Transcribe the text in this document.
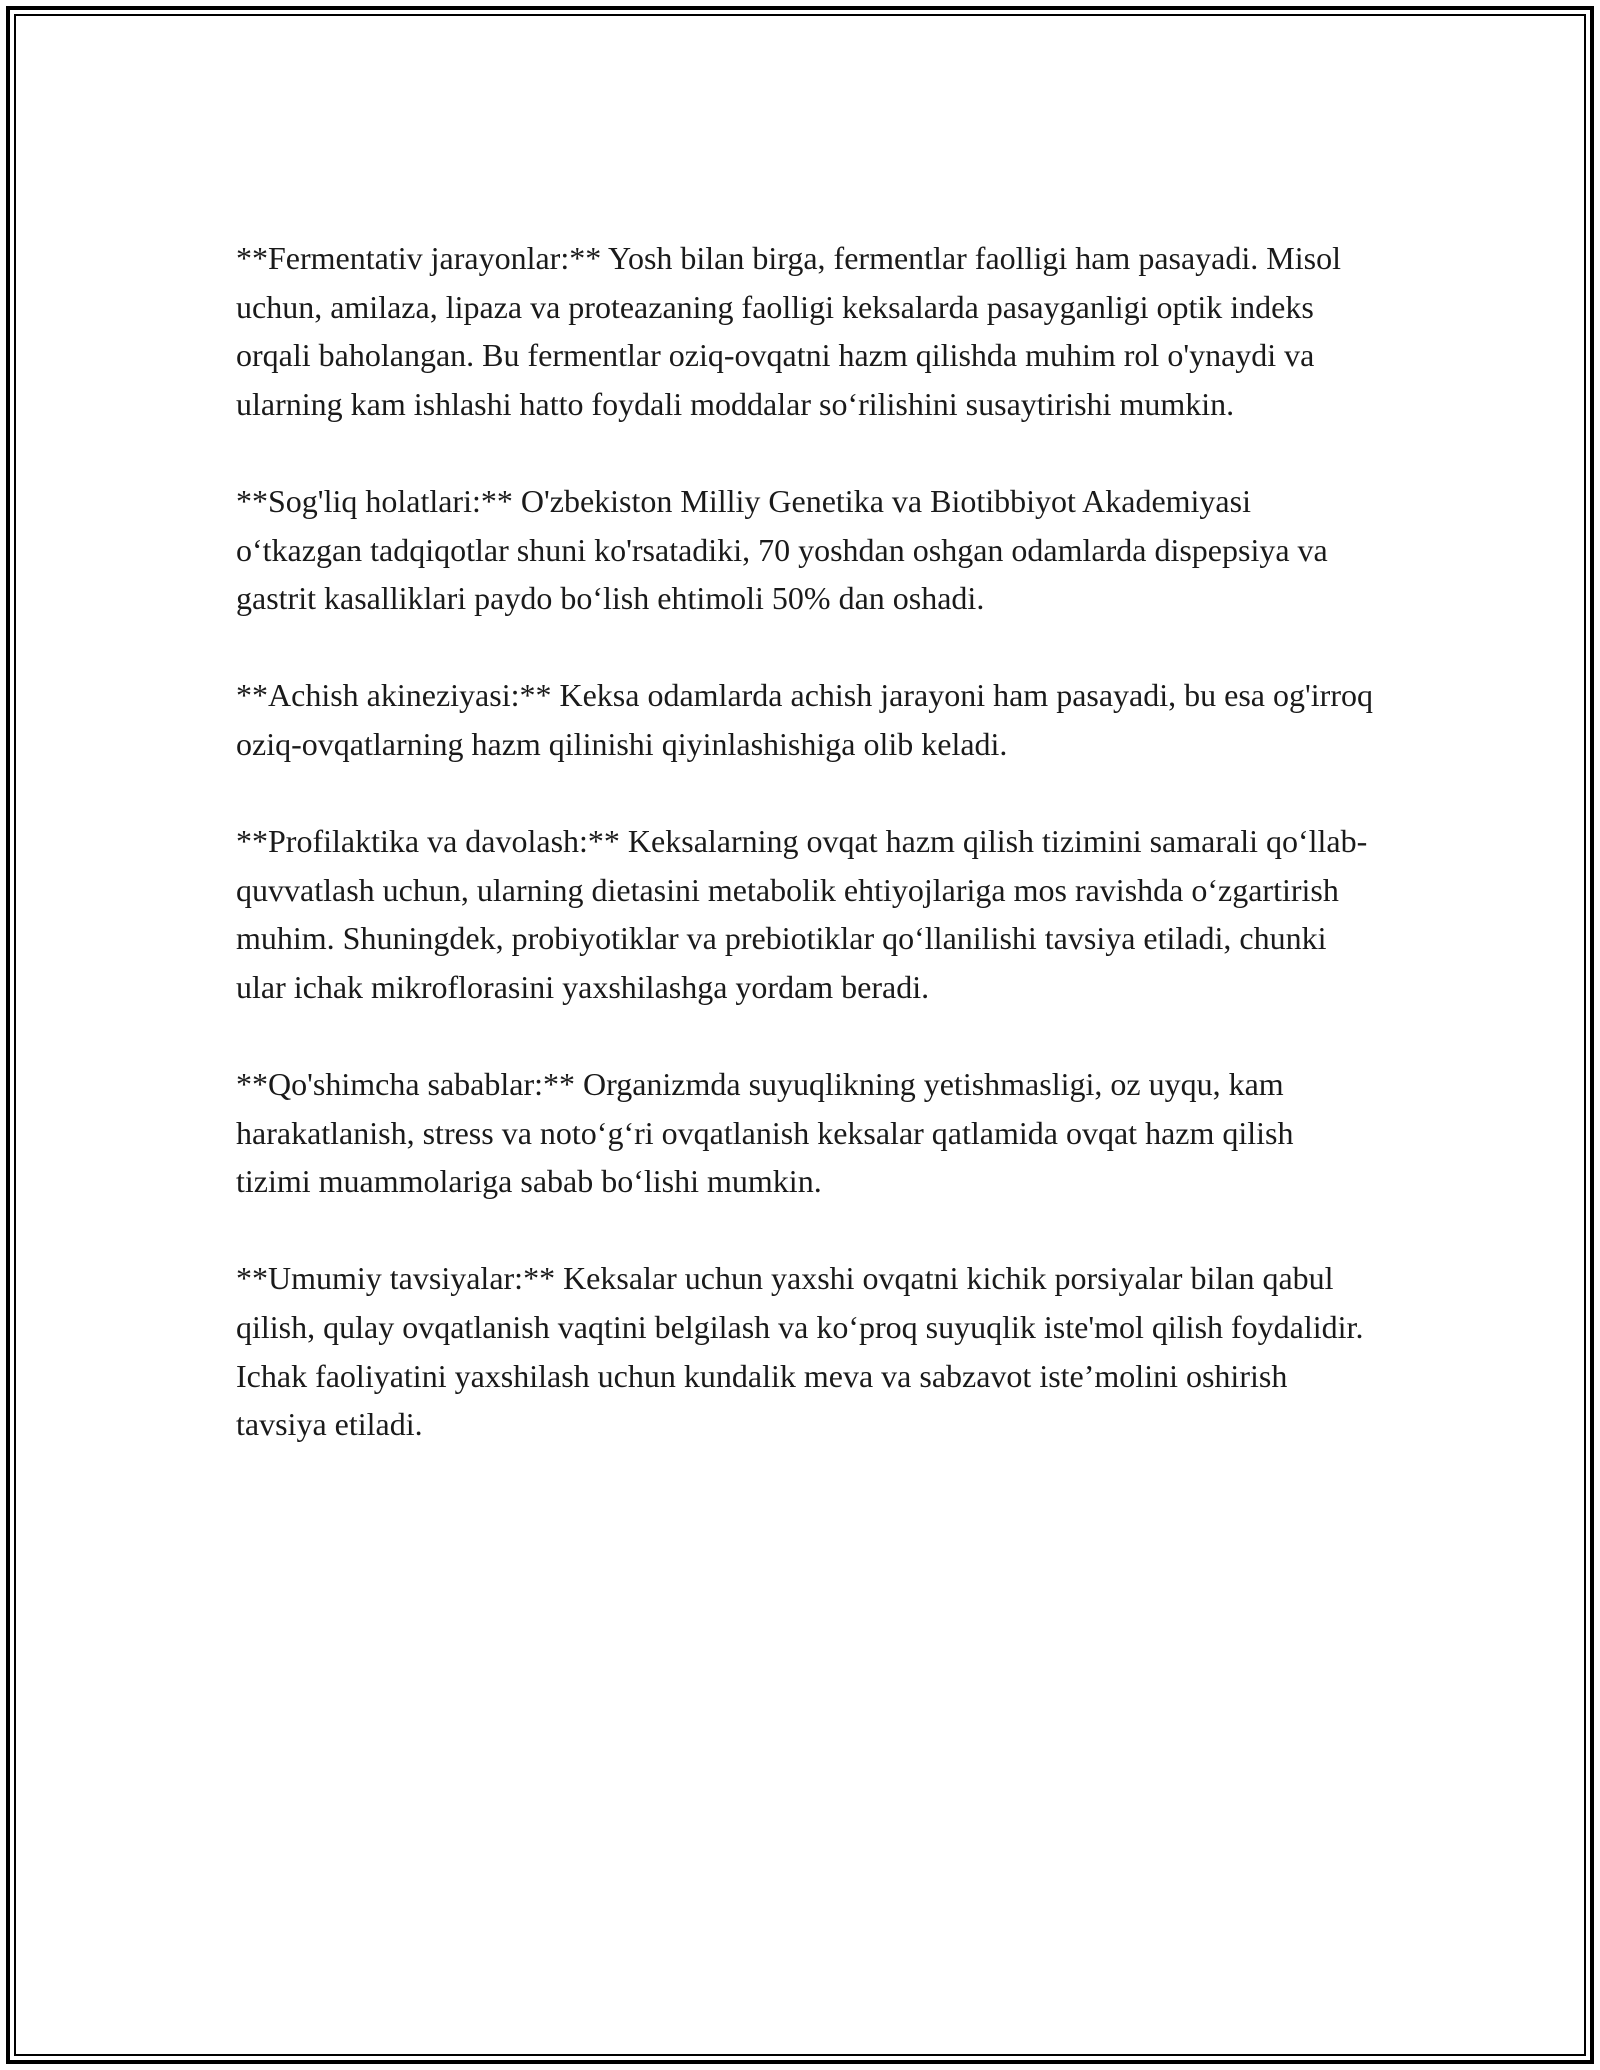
**Fermentativ jarayonlar:** Yosh bilan birga, fermentlar faolligi ham pasayadi. Misol uchun, amilaza, lipaza va proteazaning faolligi keksalarda pasayganligi optik indeks orqali baholangan. Bu fermentlar oziq-ovqatni hazm qilishda muhim rol o'ynaydi va ularning kam ishlashi hatto foydali moddalar so‘rilishini susaytirishi mumkin.

**Sog'liq holatlari:** O'zbekiston Milliy Genetika va Biotibbiyot Akademiyasi o‘tkazgan tadqiqotlar shuni ko'rsatadiki, 70 yoshdan oshgan odamlarda dispepsiya va gastrit kasalliklari paydo bo‘lish ehtimoli 50% dan oshadi.

**Achish akineziyasi:** Keksa odamlarda achish jarayoni ham pasayadi, bu esa og'irroq oziq-ovqatlarning hazm qilinishi qiyinlashishiga olib keladi.

**Profilaktika va davolash:** Keksalarning ovqat hazm qilish tizimini samarali qo‘llab-quvvatlash uchun, ularning dietasini metabolik ehtiyojlariga mos ravishda o‘zgartirish muhim. Shuningdek, probiyotiklar va prebiotiklar qo‘llanilishi tavsiya etiladi, chunki ular ichak mikroflorasini yaxshilashga yordam beradi.

**Qo'shimcha sabablar:** Organizmda suyuqlikning yetishmasligi, oz uyqu, kam harakatlanish, stress va noto‘g‘ri ovqatlanish keksalar qatlamida ovqat hazm qilish tizimi muammolariga sabab bo‘lishi mumkin.

**Umumiy tavsiyalar:** Keksalar uchun yaxshi ovqatni kichik porsiyalar bilan qabul qilish, qulay ovqatlanish vaqtini belgilash va ko‘proq suyuqlik iste'mol qilish foydalidir. Ichak faoliyatini yaxshilash uchun kundalik meva va sabzavot iste’molini oshirish tavsiya etiladi.
